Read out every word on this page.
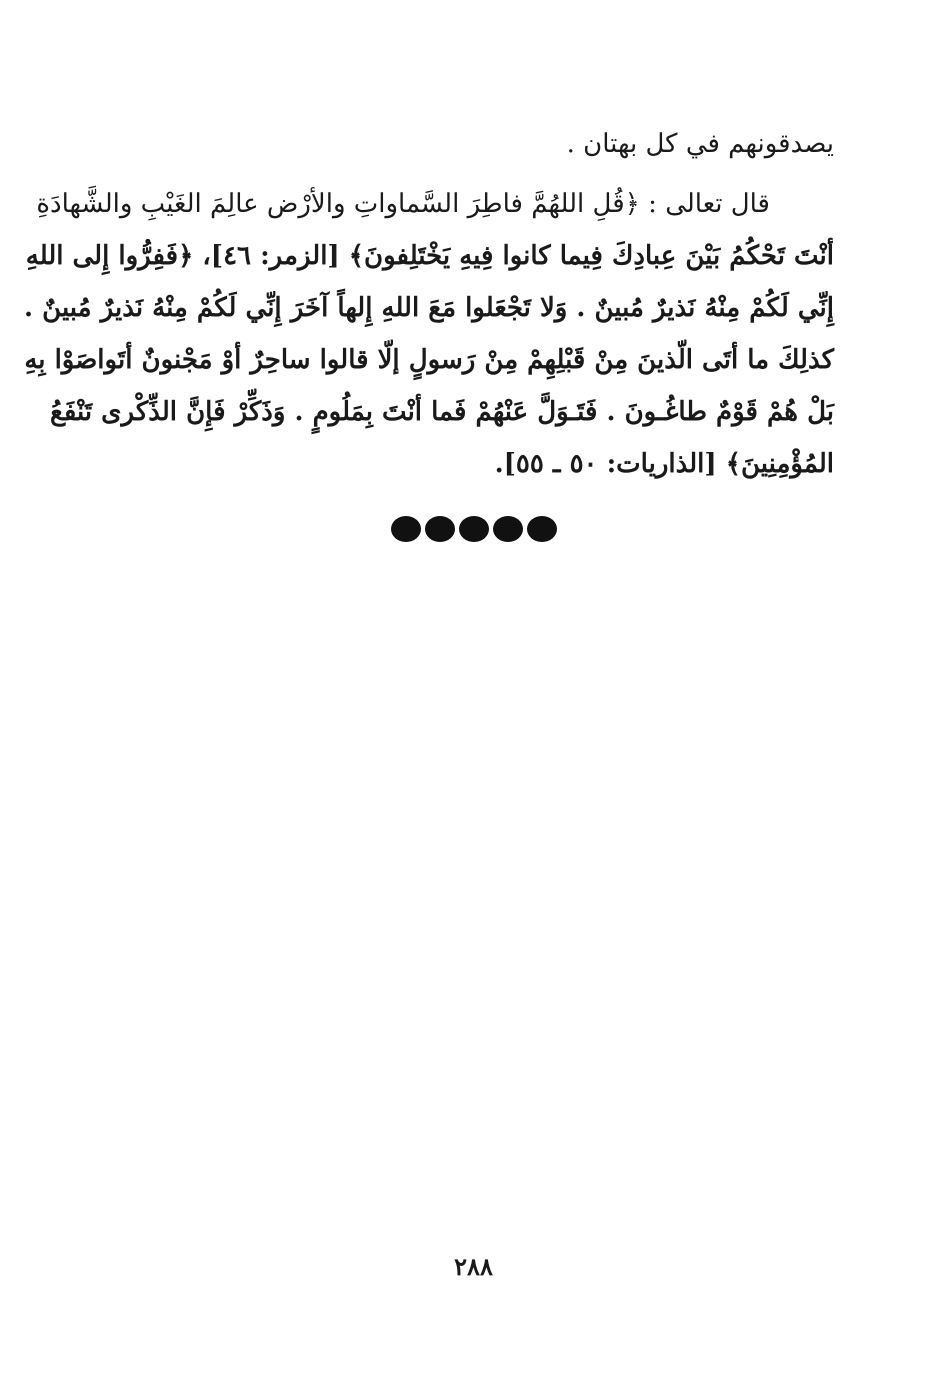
يصدقونهم في كل بهتان .
قال تعالى : ﴿قُلِ اللهُمَّ فاطِرَ السَّماواتِ والأرْض عالِمَ الغَيْبِ والشَّهادَةِ
أنْتَ تَحْكُمُ بَيْنَ عِبادِكَ فِيما كانوا فِيهِ يَخْتَلِفونَ﴾ [الزمر: ٤٦]، ﴿فَفِرُّوا إِلى اللهِ
إِنِّي لَكُمْ مِنْهُ نَذيرٌ مُبينٌ . وَلا تَجْعَلوا مَعَ اللهِ إِلهاً آخَرَ إِنِّي لَكُمْ مِنْهُ نَذيرٌ مُبينٌ .
كذلِكَ ما أتَى الّذينَ مِنْ قَبْلِهِمْ مِنْ رَسولٍ إلّا قالوا ساحِرٌ أوْ مَجْنونٌ أتَواصَوْا بِهِ
بَلْ هُمْ قَوْمٌ طاغُـونَ . فَتَـوَلَّ عَنْهُمْ فَما أنْتَ بِمَلُومٍ . وَذَكِّرْ فَإِنَّ الذِّكْرى تَنْفَعُ
المُؤْمِنِينَ﴾ [الذاريات: ٥٠ ـ ٥٥].
٢٨٨
